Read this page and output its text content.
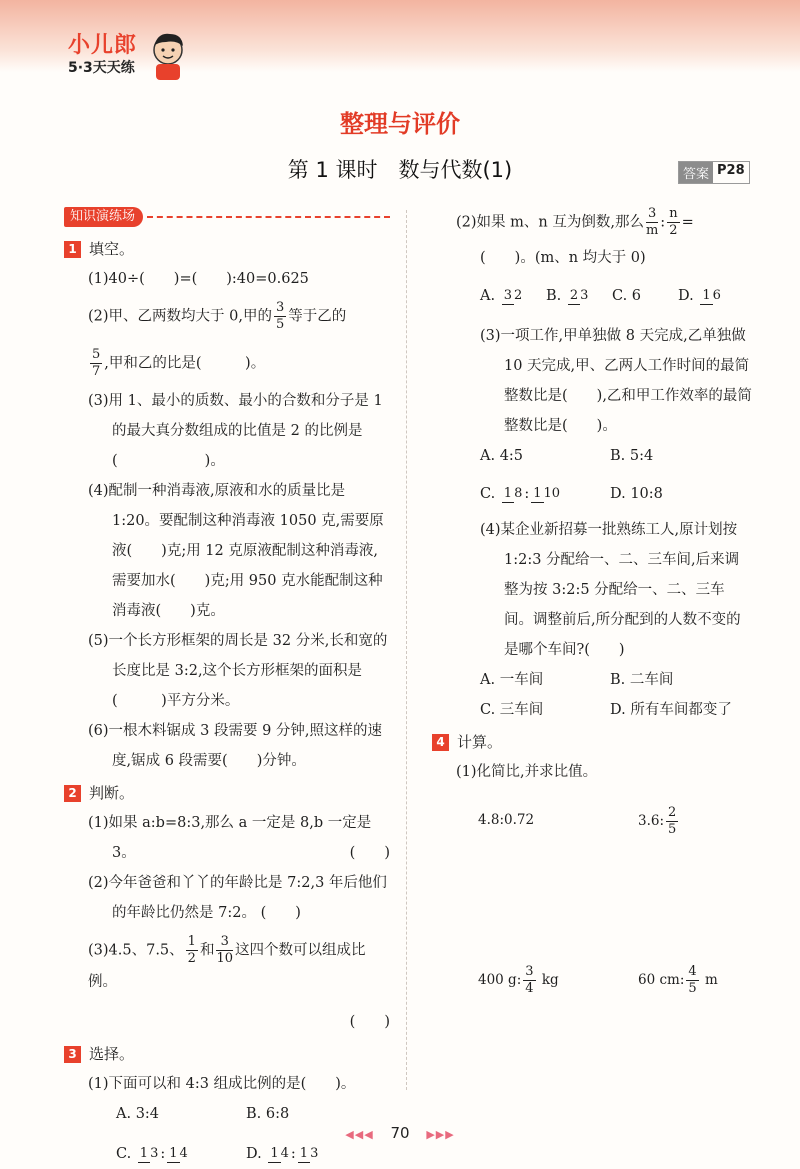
小儿郎
5·3天天练
整理与评价
第 1 课时　数与代数(1)	答案 P28
知识演练场
1 填空。
(1)40÷(　　)=(　　):40=0.625
(2)甲、乙两数均大于 0,甲的 $\frac{3}{5}$ 等于乙的
$\frac{5}{7}$ ,甲和乙的比是(　　　)。
(3)用 1、最小的质数、最小的合数和分子是 1 的最大真分数组成的比值是 2 的比例是(　　　　　　)。
(4)配制一种消毒液,原液和水的质量比是1:20。要配制这种消毒液 1050 克,需要原液(　　)克;用 12 克原液配制这种消毒液,需要加水(　　)克;用 950 克水能配制这种消毒液(　　)克。
(5)一个长方形框架的周长是 32 分米,长和宽的长度比是 3:2,这个长方形框架的面积是(　　　)平方分米。
(6)一根木料锯成 3 段需要 9 分钟,照这样的速度,锯成 6 段需要(　　)分钟。
2 判断。
(1)如果 a:b=8:3,那么 a 一定是 8,b 一定是 3。	(　　)
(2)今年爸爸和丫丫的年龄比是 7:2,3 年后他们的年龄比仍然是 7:2。 (　　)
(3)4.5、7.5、 $\frac{1}{2}$ 和 $\frac{3}{10}$ 这四个数可以组成比例。
(　　)
3 选择。
(1)下面可以和 4:3 组成比例的是(　　)。
A. 3:4	B. 6:8
C. 1 3 : 1 4	D. 1 4 : 1 3
(2)如果 m、n 互为倒数,那么 $\frac{3}{m}$ : $\frac{n}{2}$ =
(　　)。(m、n 均大于 0)
A. 3 2	B. 2 3	C. 6	D. 1 6
(3)一项工作,甲单独做 8 天完成,乙单独做 10 天完成,甲、乙两人工作时间的最简整数比是(　　),乙和甲工作效率的最简整数比是(　　)。
A. 4:5	B. 5:4
C. 1 8 : 1 10	D. 10:8
(4)某企业新招募一批熟练工人,原计划按 1:2:3 分配给一、二、三车间,后来调整为按 3:2:5 分配给一、二、三车间。调整前后,所分配到的人数不变的是哪个车间?(　　)
A. 一车间	B. 二车间
C. 三车间	D. 所有车间都变了
4 计算。
(1)化简比,并求比值。
4.8:0.72	3.6: $\frac{2}{5}$
400 g: $\frac{3}{4}$ kg	60 cm: $\frac{4}{5}$ m
◀◀◀ 70 ▶▶▶
